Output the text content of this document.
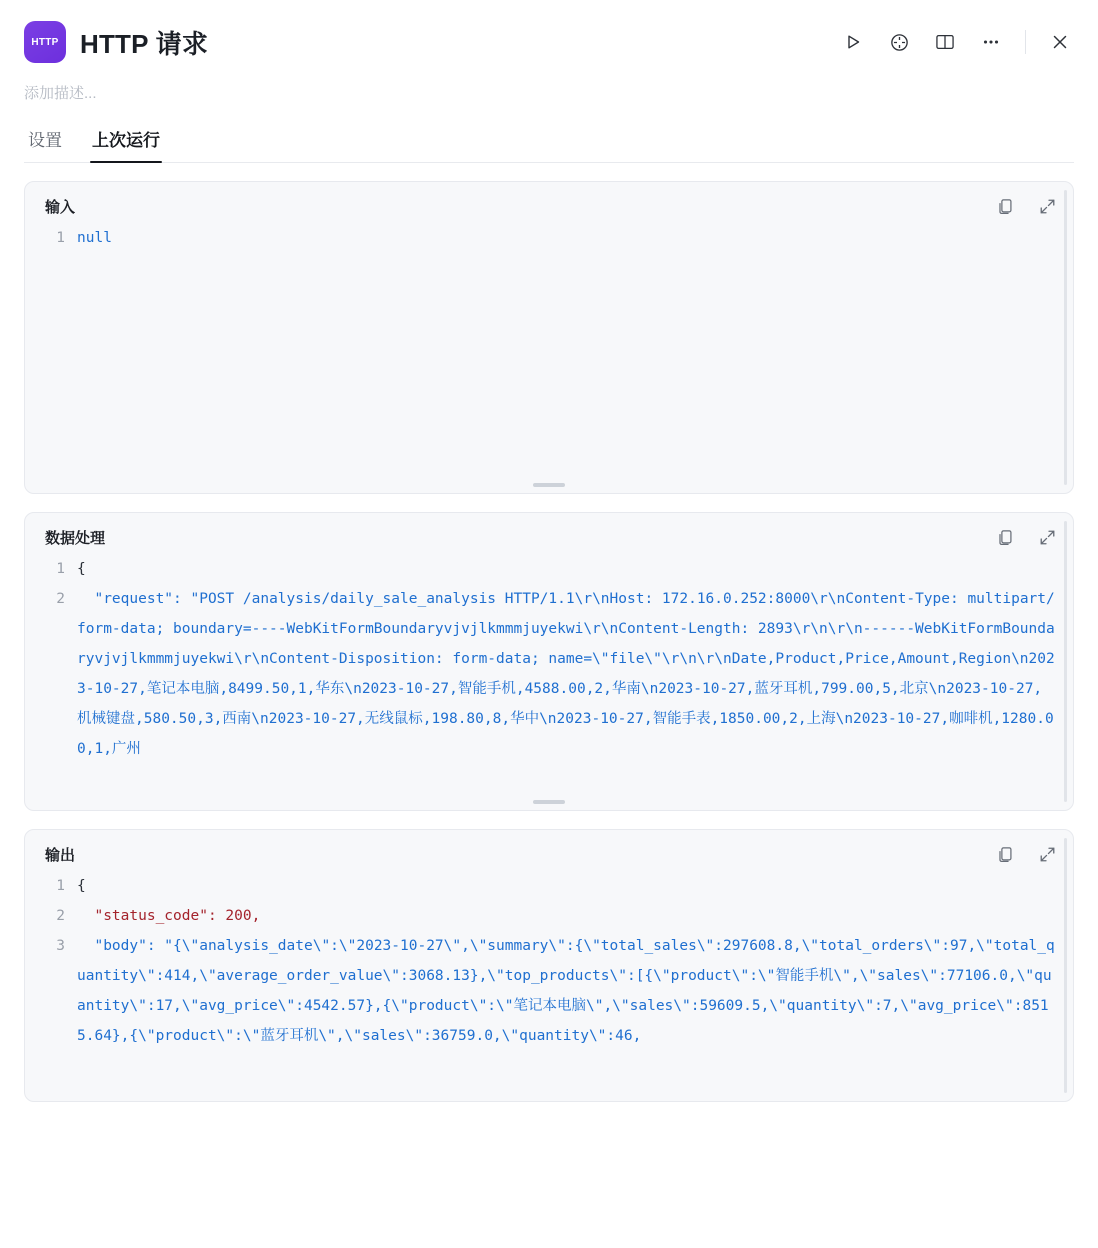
HTTP HTTP 请求
添加描述...
设置 上次运行
输入
1 null
数据处理
1 {
2 "request": "POST /analysis/daily_sale_analysis HTTP/1.1\r\nHost: 172.16.0.252:8000\r\nContent-Type: multipart/form-data; boundary=----WebKitFormBoundaryvjvjlkmmmjuyekwi\r\nContent-Length: 2893\r\n\r\n------WebKitFormBoundaryvjvjlkmmmjuyekwi\r\nContent-Disposition: form-data; name=\"file\"\r\n\r\nDate,Product,Price,Amount,Region\n2023-10-27,笔记本电脑,8499.50,1,华东\n2023-10-27,智能手机,4588.00,2,华南\n2023-10-27,蓝牙耳机,799.00,5,北京\n2023-10-27,机械键盘,580.50,3,西南\n2023-10-27,无线鼠标,198.80,8,华中\n2023-10-27,智能手表,1850.00,2,上海\n2023-10-27,咖啡机,1280.00,1,广州
输出
1 {
2 "status_code": 200,
3 "body": "{\"analysis_date\":\"2023-10-27\",\"summary\":{\"total_sales\":297608.8,\"total_orders\":97,\"total_quantity\":414,\"average_order_value\":3068.13},\"top_products\":[{\"product\":\"智能手机\",\"sales\":77106.0,\"quantity\":17,\"avg_price\":4542.57},{\"product\":\"笔记本电脑\",\"sales\":59609.5,\"quantity\":7,\"avg_price\":8515.64},{\"product\":\"蓝牙耳机\",\"sales\":36759.0,\"quantity\":46,
